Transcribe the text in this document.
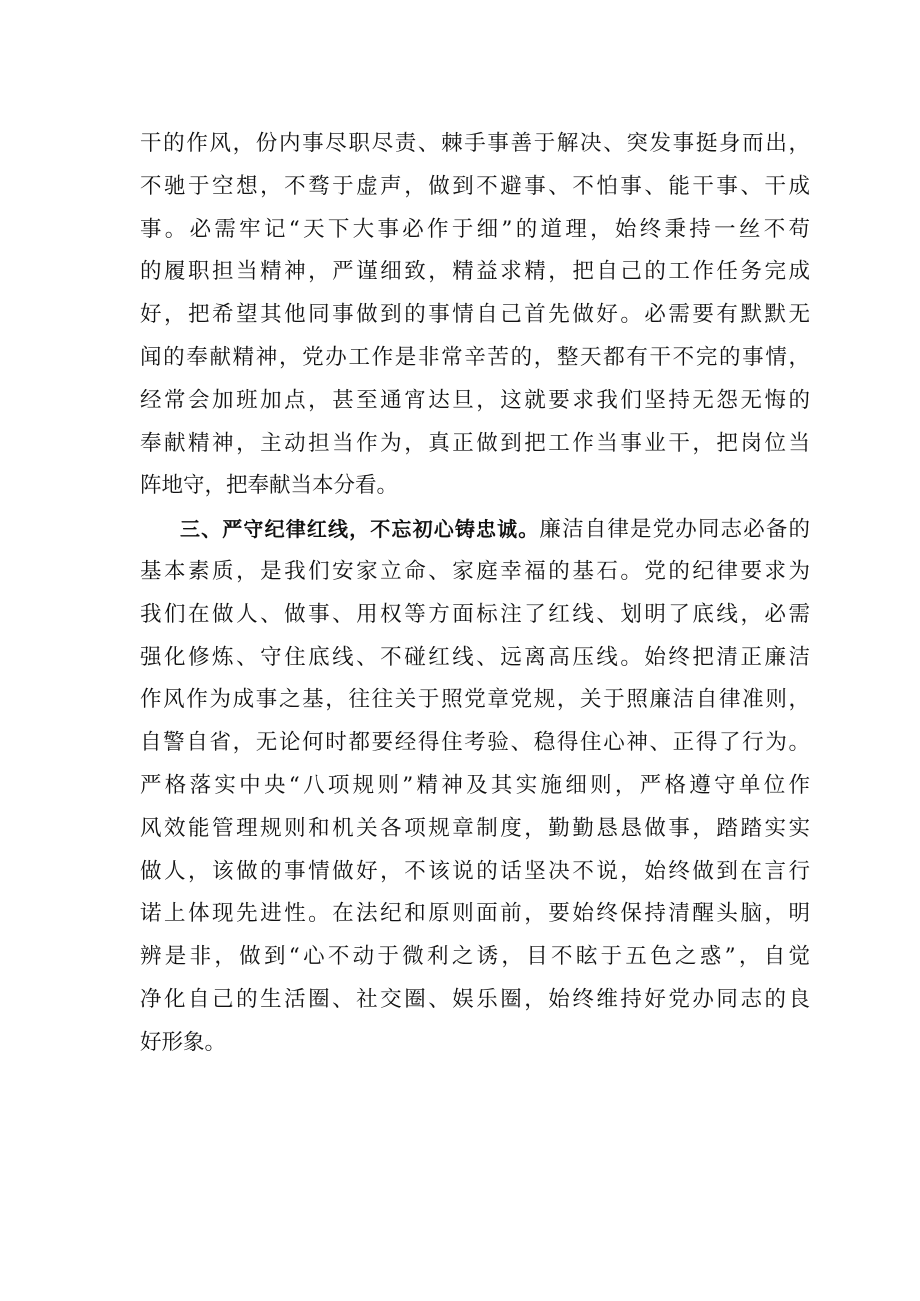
干的作风，份内事尽职尽责、棘手事善于解决、突发事挺身而出，
不驰于空想，不骛于虚声，做到不避事、不怕事、能干事、干成
事。必需牢记“天下大事必作于细”的道理，始终秉持一丝不苟
的履职担当精神，严谨细致，精益求精，把自己的工作任务完成
好，把希望其他同事做到的事情自己首先做好。必需要有默默无
闻的奉献精神，党办工作是非常辛苦的，整天都有干不完的事情，
经常会加班加点，甚至通宵达旦，这就要求我们坚持无怨无悔的
奉献精神，主动担当作为，真正做到把工作当事业干，把岗位当
阵地守，把奉献当本分看。
三、严守纪律红线，不忘初心铸忠诚。廉洁自律是党办同志必备的
基本素质，是我们安家立命、家庭幸福的基石。党的纪律要求为
我们在做人、做事、用权等方面标注了红线、划明了底线，必需
强化修炼、守住底线、不碰红线、远离高压线。始终把清正廉洁
作风作为成事之基，往往关于照党章党规，关于照廉洁自律准则，
自警自省，无论何时都要经得住考验、稳得住心神、正得了行为。
严格落实中央“八项规则”精神及其实施细则，严格遵守单位作
风效能管理规则和机关各项规章制度，勤勤恳恳做事，踏踏实实
做人，该做的事情做好，不该说的话坚决不说，始终做到在言行
诺上体现先进性。在法纪和原则面前，要始终保持清醒头脑，明
辨是非，做到“心不动于微利之诱，目不眩于五色之惑”，自觉
净化自己的生活圈、社交圈、娱乐圈，始终维持好党办同志的良
好形象。
